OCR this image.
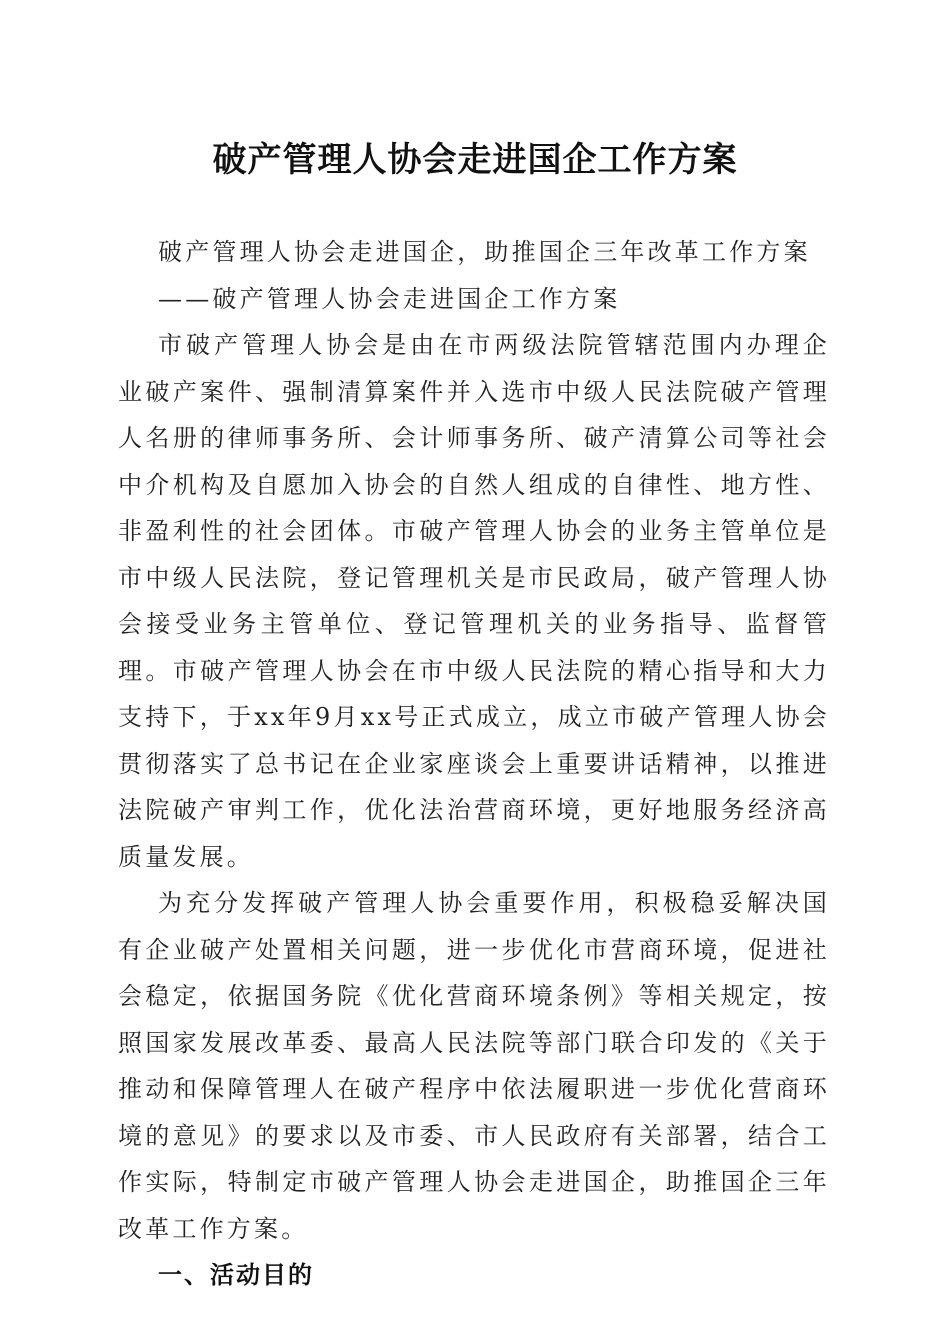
破产管理人协会走进国企工作方案

破产管理人协会走进国企，助推国企三年改革工作方案

——破产管理人协会走进国企工作方案

市破产管理人协会是由在市两级法院管辖范围内办理企业破产案件、强制清算案件并入选市中级人民法院破产管理人名册的律师事务所、会计师事务所、破产清算公司等社会中介机构及自愿加入协会的自然人组成的自律性、地方性、非盈利性的社会团体。市破产管理人协会的业务主管单位是市中级人民法院，登记管理机关是市民政局，破产管理人协会接受业务主管单位、登记管理机关的业务指导、监督管理。市破产管理人协会在市中级人民法院的精心指导和大力支持下，于xx年9月xx号正式成立，成立市破产管理人协会贯彻落实了总书记在企业家座谈会上重要讲话精神，以推进法院破产审判工作，优化法治营商环境，更好地服务经济高质量发展。

为充分发挥破产管理人协会重要作用，积极稳妥解决国有企业破产处置相关问题，进一步优化市营商环境，促进社会稳定，依据国务院《优化营商环境条例》等相关规定，按照国家发展改革委、最高人民法院等部门联合印发的《关于推动和保障管理人在破产程序中依法履职进一步优化营商环境的意见》的要求以及市委、市人民政府有关部署，结合工作实际，特制定市破产管理人协会走进国企，助推国企三年改革工作方案。

一、活动目的
